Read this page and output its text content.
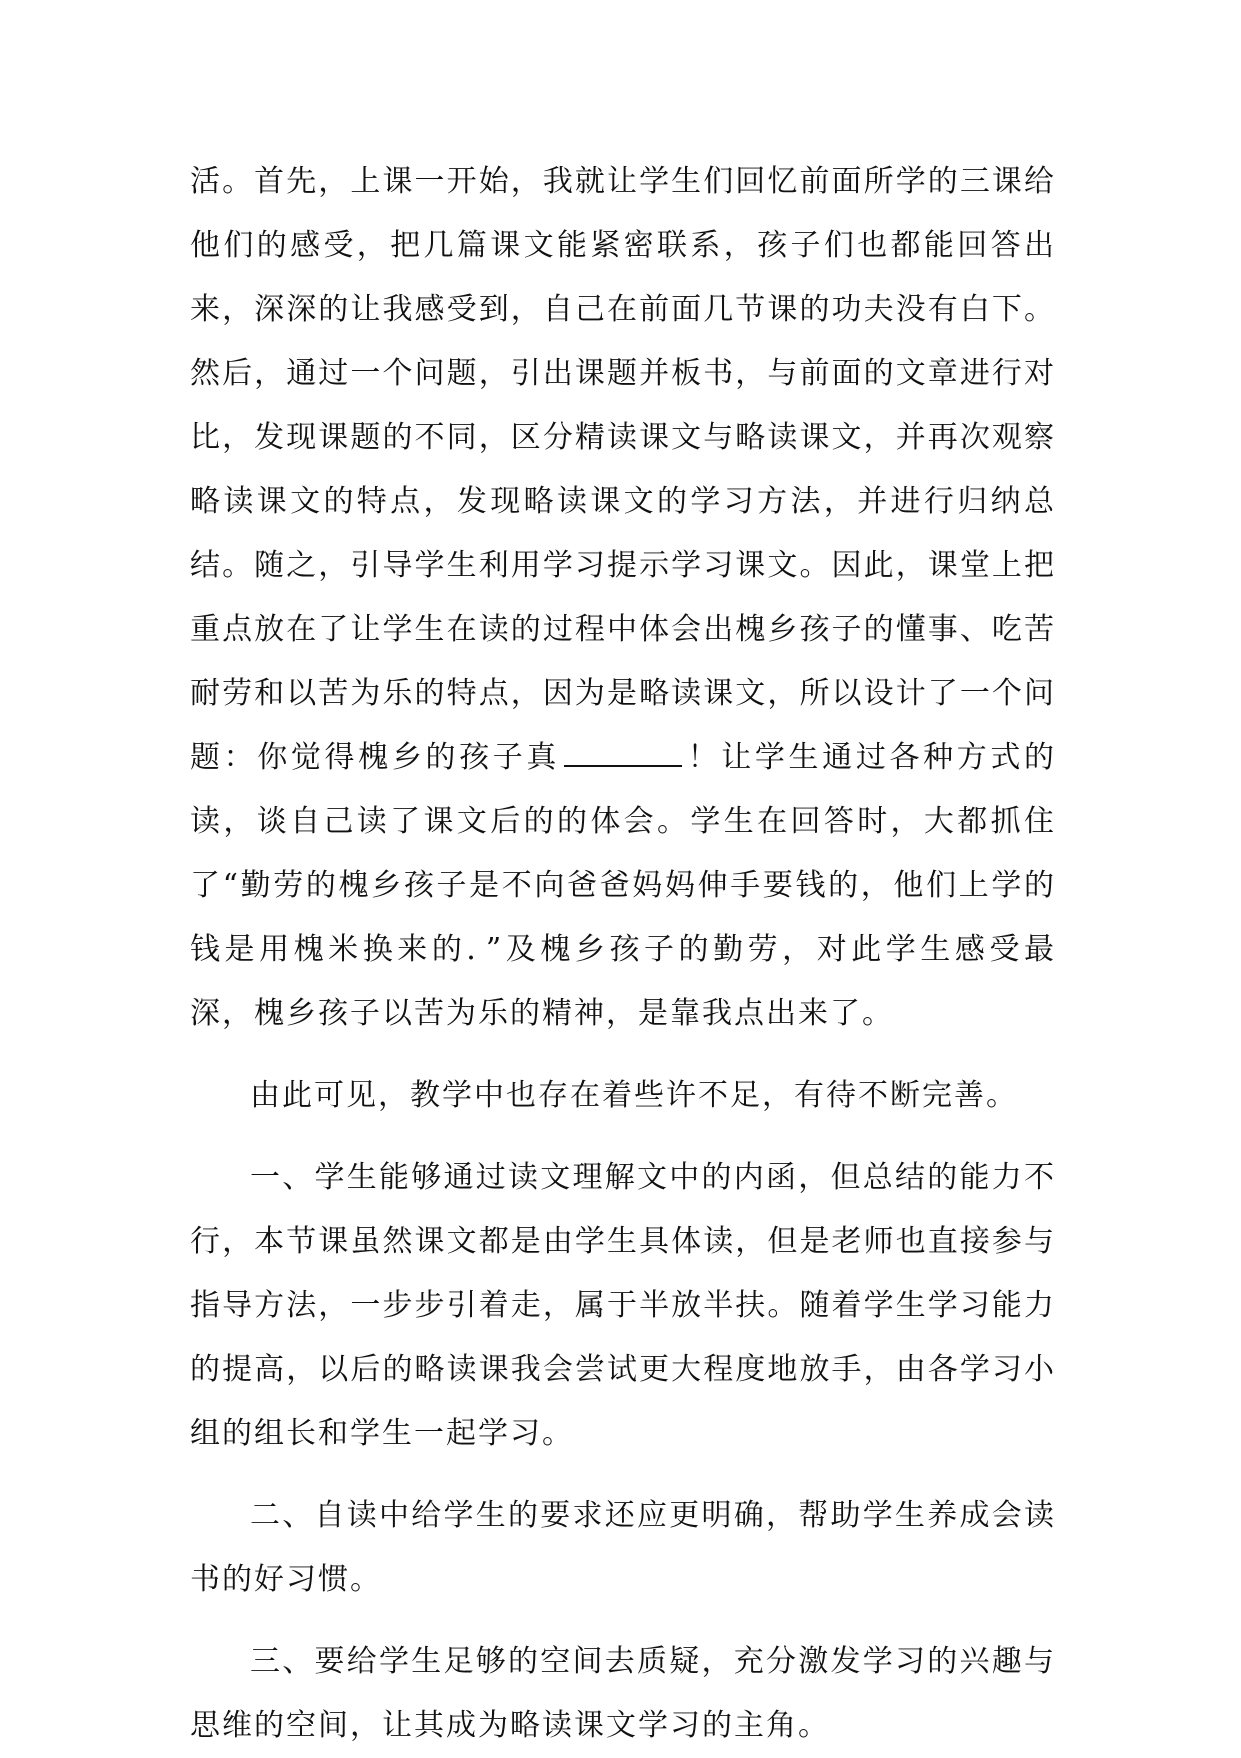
活。首先，上课一开始，我就让学生们回忆前面所学的三课给他们的感受，把几篇课文能紧密联系，孩子们也都能回答出来，深深的让我感受到，自己在前面几节课的功夫没有白下。然后，通过一个问题，引出课题并板书，与前面的文章进行对比，发现课题的不同，区分精读课文与略读课文，并再次观察略读课文的特点，发现略读课文的学习方法，并进行归纳总结。随之，引导学生利用学习提示学习课文。因此，课堂上把重点放在了让学生在读的过程中体会出槐乡孩子的懂事、吃苦耐劳和以苦为乐的特点，因为是略读课文，所以设计了一个问题：你觉得槐乡的孩子真	！让学生通过各种方式的读，谈自己读了课文后的的体会。学生在回答时，大都抓住了“勤劳的槐乡孩子是不向爸爸妈妈伸手要钱的，他们上学的钱是用槐米换来的．”及槐乡孩子的勤劳，对此学生感受最深，槐乡孩子以苦为乐的精神，是靠我点出来了。

由此可见，教学中也存在着些许不足，有待不断完善。

一、学生能够通过读文理解文中的内函，但总结的能力不行，本节课虽然课文都是由学生具体读，但是老师也直接参与指导方法，一步步引着走，属于半放半扶。随着学生学习能力的提高，以后的略读课我会尝试更大程度地放手，由各学习小组的组长和学生一起学习。

二、自读中给学生的要求还应更明确，帮助学生养成会读书的好习惯。

三、要给学生足够的空间去质疑，充分激发学习的兴趣与思维的空间，让其成为略读课文学习的主角。
